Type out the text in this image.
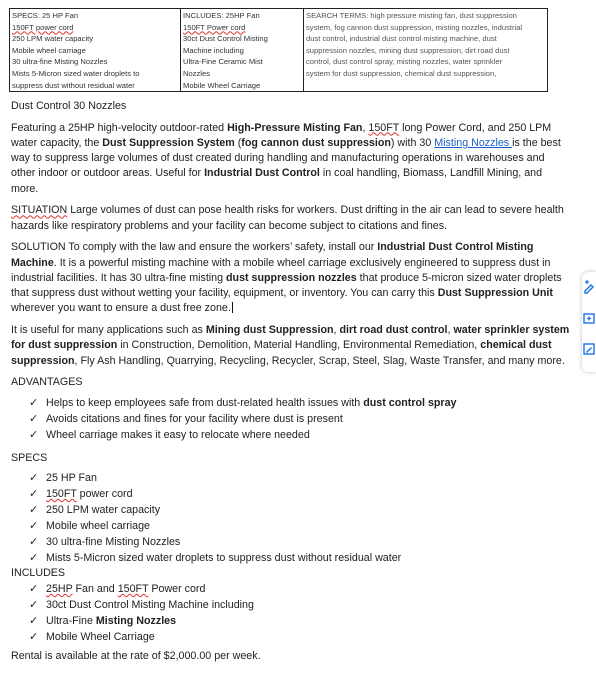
SPECS: 25 HP Fan
150FT power cord
250 LPM water capacity
Mobile wheel carriage
30 ultra-fine Misting Nozzles
Mists 5-Micron sized water droplets to
suppress dust without residual water

INCLUDES: 25HP Fan
150FT Power cord
30ct Dust Control Misting
Machine including
Ultra-Fine Ceramic Mist
Nozzles
Mobile Wheel Carriage

SEARCH TERMS: high pressure misting fan, dust suppression
system, fog cannon dust suppression, misting nozzles, industrial
dust control, industrial dust control misting machine, dust
suppression nozzles, mining dust suppression, dirt road dust
control, dust control spray, misting nozzles, water sprinkler
system for dust suppression, chemical dust suppression,

Dust Control 30 Nozzles

Featuring a 25HP high-velocity outdoor-rated High-Pressure Misting Fan, 150FT long Power Cord, and 250 LPM water capacity, the Dust Suppression System (fog cannon dust suppression) with 30 Misting Nozzles is the best way to suppress large volumes of dust created during handling and manufacturing operations in warehouses and other indoor or outdoor areas. Useful for Industrial Dust Control in coal handling, Biomass, Landfill Mining, and more.

SITUATION Large volumes of dust can pose health risks for workers. Dust drifting in the air can lead to severe health hazards like respiratory problems and your facility can become subject to citations and fines.

SOLUTION To comply with the law and ensure the workers’ safety, install our Industrial Dust Control Misting Machine. It is a powerful misting machine with a mobile wheel carriage exclusively engineered to suppress dust in industrial facilities. It has 30 ultra-fine misting dust suppression nozzles that produce 5-micron sized water droplets that suppress dust without wetting your facility, equipment, or inventory. You can carry this Dust Suppression Unit wherever you want to ensure a dust free zone.

It is useful for many applications such as Mining dust Suppression, dirt road dust control, water sprinkler system for dust suppression in Construction, Demolition, Material Handling, Environmental Remediation, chemical dust suppression, Fly Ash Handling, Quarrying, Recycling, Recycler, Scrap, Steel, Slag, Waste Transfer, and many more.

ADVANTAGES
✓ Helps to keep employees safe from dust-related health issues with dust control spray
✓ Avoids citations and fines for your facility where dust is present
✓ Wheel carriage makes it easy to relocate where needed
SPECS
✓ 25 HP Fan
✓ 150FT power cord
✓ 250 LPM water capacity
✓ Mobile wheel carriage
✓ 30 ultra-fine Misting Nozzles
✓ Mists 5-Micron sized water droplets to suppress dust without residual water
INCLUDES
✓ 25HP Fan and 150FT Power cord
✓ 30ct Dust Control Misting Machine including
✓ Ultra-Fine Misting Nozzles
✓ Mobile Wheel Carriage

Rental is available at the rate of $2,000.00 per week.
